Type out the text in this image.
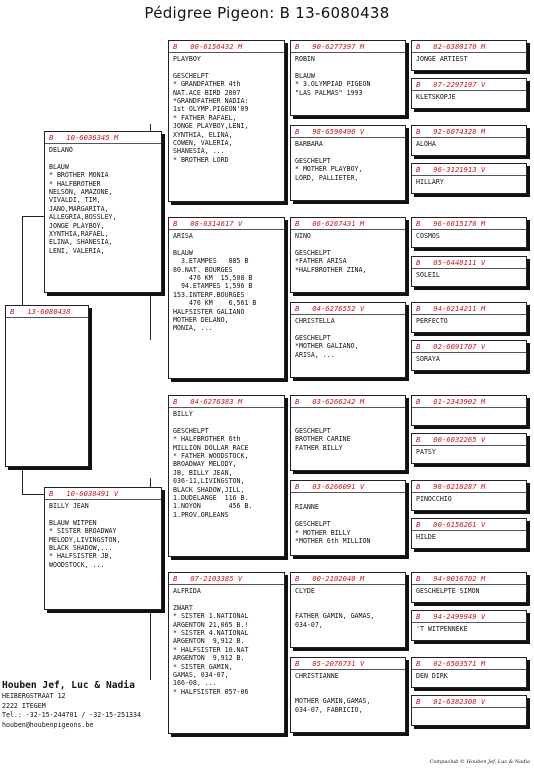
Pédigree Pigeon: B 13-6080438
B   13-6080438
B   10-6036345 M
DELANO

BLAUW
* BROTHER MONIA
* HALFBROTHER
NELSON, AMAZONE,
VIVALDI, TIM,
JANO,MARGARITA,
ALLEGRIA,BOSSLEY,
JONGE PLAYBOY,
XYNTHIA,RAFAEL,
ELINA, SHANESIA,
LENI, VALERIA,
B   10-6038491 V
BILLY JEAN

BLAUW WITPEN
* SISTER BROADWAY
MELODY,LIVINGSTON,
BLACK SHADOW,...
* HALFSISTER JB,
WOODSTOCK, ...
B   00-6156432 M
PLAYBOY

GESCHELPT
* GRANDFATHER 4th
NAT.ACE BIRD 2007
*GRANDFATHER NADIA:
1st OLYMP.PIGEON'09
* FATHER RAFAEL,
JONGE PLAYBOY,LENI,
XYNTHIA, ELINA,
COWEN, VALERIA,
SHANESIA, ...
* BROTHER LORD
B   08-6314617 V
ARISA

BLAUW
3.ETAMPES   885 B
80.NAT. BOURGES
476 KM  15,508 B
94.ETAMPES 1,596 B
153.INTERP.BOURGES
476 KM    6,561 B
HALFSISTER GALIANO
MOTHER DELANO,
MONIA, ...
B   04-6276383 M
BILLY

GESCHELPT
* HALFBROTHER 6th
MILLION DOLLAR RACE
* FATHER WOODSTOCK,
BROADWAY MELODY,
JB, BILLY JEAN,
036-11,LIVINGSTON,
BLACK SHADOW,JILL,
1.DUDELANGE  116 B.
1.NOYON       456 B.
1.PROV.ORLEANS
B   07-2103385 V
ALFRIDA

ZWART
* SISTER 1.NATIONAL
ARGENTON 21,065 B.!
* SISTER 4.NATIONAL
ARGENTON  9,912 B.
* HALFSISTER 10.NAT
ARGENTON  9,912 B.
* SISTER GAMIN,
GAMAS, 034-07,
166-08, ...
* HALFSISTER 057-06
B   90-6277397 M
ROBIN

BLAUW
* 3.OLYMPIAD PIGEON
"LAS PALMAS" 1993
B   98-6590496 V
BARBARA

GESCHELPT
* MOTHER PLAYBOY,
LORD, PALLIETER,
B   06-6267431 M
NINO

GESCHELPT
*FATHER ARISA
*HALFBROTHER ZINA,
B   04-6276552 V
CHRISTELLA

GESCHELPT
*MOTHER GALIANO,
ARISA, ...
B   03-6266242 M

GESCHELPT
BROTHER CARINE
FATHER BILLY
B   03-6266091 V

RIANNE

GESCHELPT
* MOTHER BILLY
*MOTHER 6th MILLION
B   00-2102040 M
CLYDE

FATHER GAMIN, GAMAS,
034-07,
B   05-2076731 V
CHRISTIANNE

MOTHER GAMIN,GAMAS,
034-07, FABRICIO,
B   82-6380170 M
JONGE ARTIEST
B   87-2297197 V
KLETSKOPJE
B   92-6074328 M
ALOHA
B   96-3121913 V
HILLARY
B   96-6615170 M
COSMOS
B   05-6448111 V
SOLEIL
B   94-6214211 M
PERFECTO
B   02-6091707 V
SORAYA
B   01-2343902 M

B   00-6032265 V
PATSY
B   98-6210287 M
PINOCCHIO
B   00-6156261 V
HILDE
B   94-8016702 M
GESCHELPTE SIMON
B   94-2499949 V
'T WITPENNEKE
B   02-6503571 M
DEN DIRK
B   01-6382308 V

Houben Jef, Luc & Nadia
HEIBERGSTRAAT 12
2222 ITEGEM
Tel.: -32-15-244701 / -32-15-251334
houben@houbenpigeons.be
Compuclub © Houben Jef, Luc & Nadia
